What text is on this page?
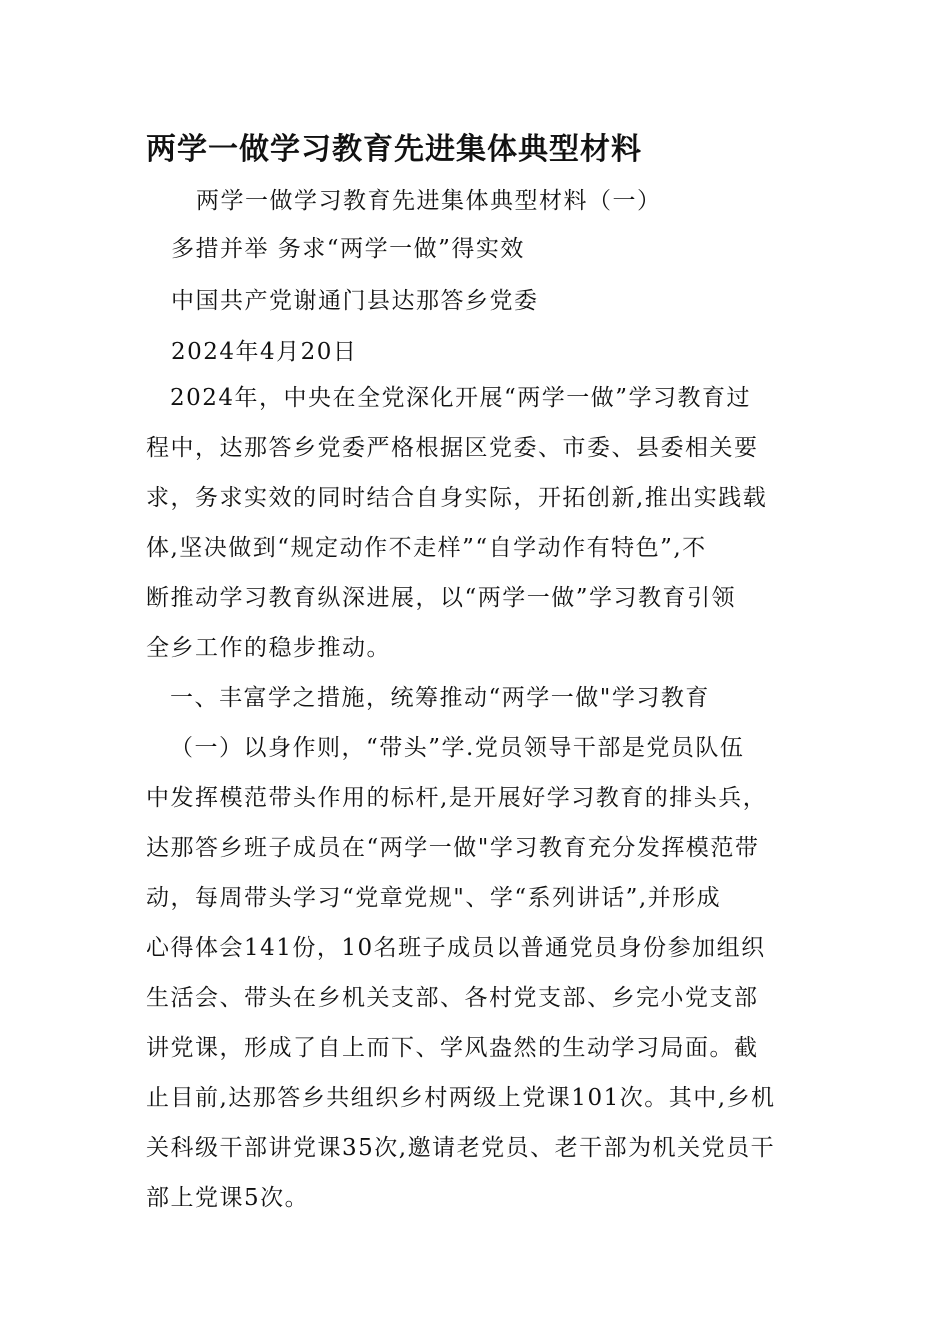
两学一做学习教育先进集体典型材料

两学一做学习教育先进集体典型材料（一）

多措并举 务求“两学一做”得实效

中国共产党谢通门县达那答乡党委

2024年4月20日

2024年，中央在全党深化开展“两学一做”学习教育过
程中，达那答乡党委严格根据区党委、市委、县委相关要
求，务求实效的同时结合自身实际，开拓创新,推出实践载
体,坚决做到“规定动作不走样”“自学动作有特色”,不
断推动学习教育纵深进展，以“两学一做”学习教育引领
全乡工作的稳步推动。
一、丰富学之措施，统筹推动“两学一做"学习教育
（一）以身作则，“带头”学.党员领导干部是党员队伍
中发挥模范带头作用的标杆,是开展好学习教育的排头兵，
达那答乡班子成员在“两学一做"学习教育充分发挥模范带
动，每周带头学习“党章党规"、学“系列讲话”,并形成
心得体会141份，10名班子成员以普通党员身份参加组织
生活会、带头在乡机关支部、各村党支部、乡完小党支部
讲党课，形成了自上而下、学风盎然的生动学习局面。截
止目前,达那答乡共组织乡村两级上党课101次。其中,乡机
关科级干部讲党课35次,邀请老党员、老干部为机关党员干
部上党课5次。
